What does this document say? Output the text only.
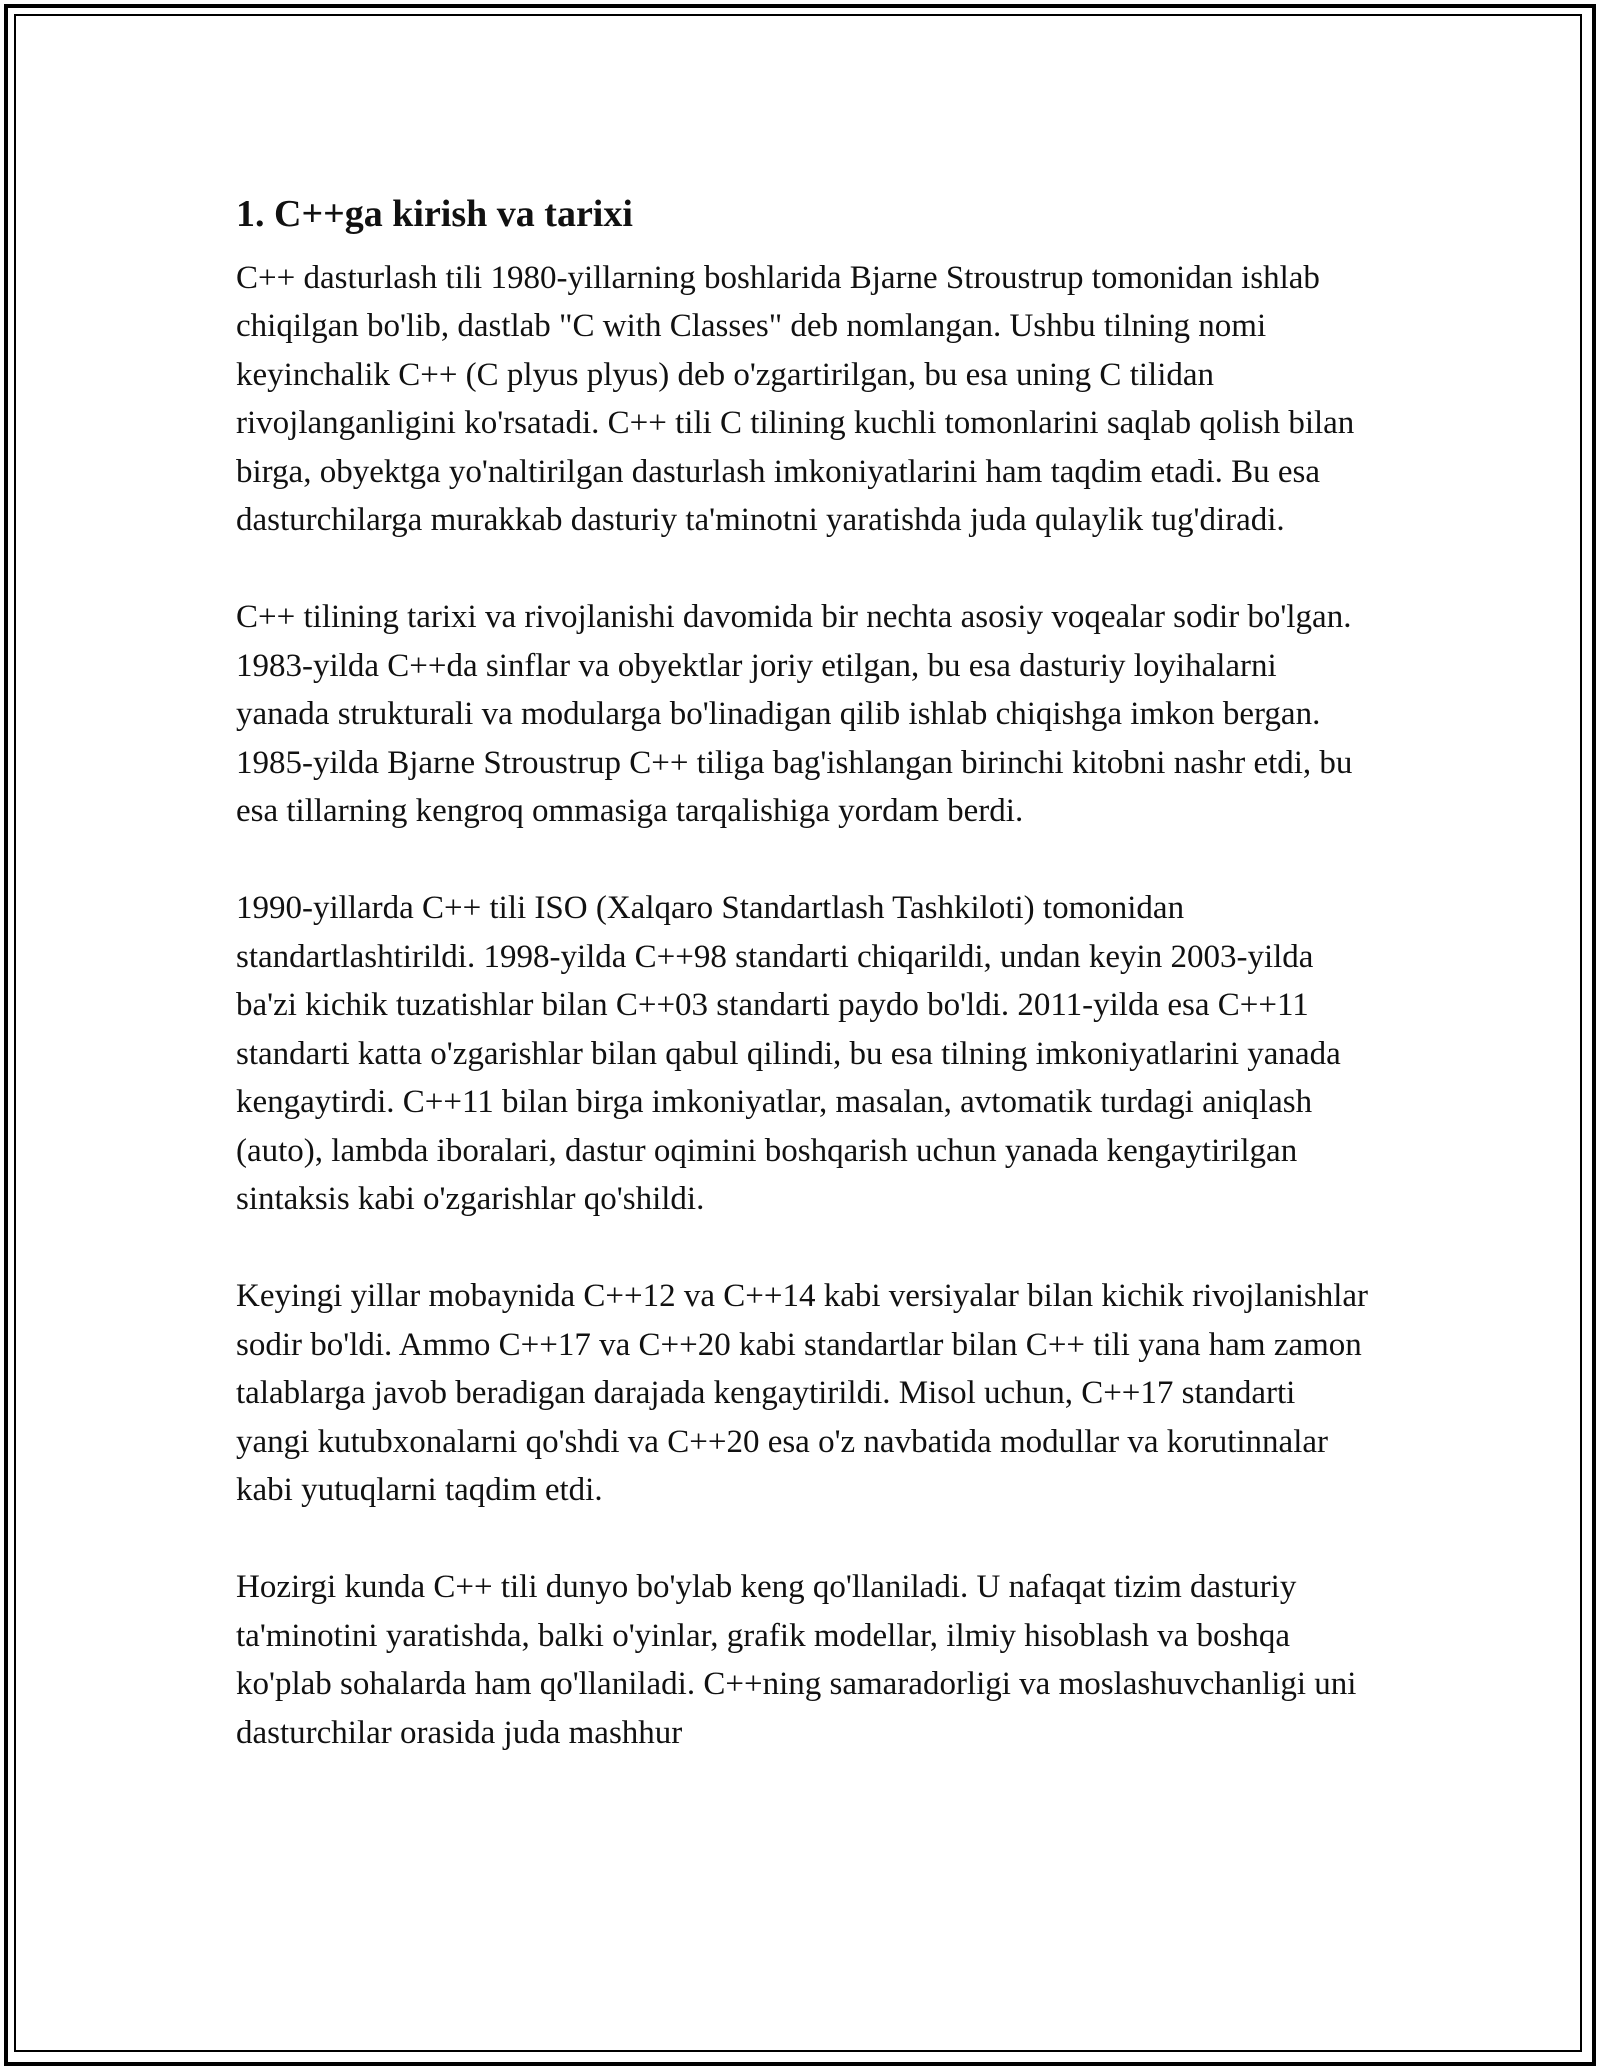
1. C++ga kirish va tarixi

C++ dasturlash tili 1980-yillarning boshlarida Bjarne Stroustrup tomonidan ishlab chiqilgan bo'lib, dastlab "C with Classes" deb nomlangan. Ushbu tilning nomi keyinchalik C++ (C plyus plyus) deb o'zgartirilgan, bu esa uning C tilidan rivojlanganligini ko'rsatadi. C++ tili C tilining kuchli tomonlarini saqlab qolish bilan birga, obyektga yo'naltirilgan dasturlash imkoniyatlarini ham taqdim etadi. Bu esa dasturchilarga murakkab dasturiy ta'minotni yaratishda juda qulaylik tug'diradi.

C++ tilining tarixi va rivojlanishi davomida bir nechta asosiy voqealar sodir bo'lgan. 1983-yilda C++da sinflar va obyektlar joriy etilgan, bu esa dasturiy loyihalarni yanada strukturali va modularga bo'linadigan qilib ishlab chiqishga imkon bergan. 1985-yilda Bjarne Stroustrup C++ tiliga bag'ishlangan birinchi kitobni nashr etdi, bu esa tillarning kengroq ommasiga tarqalishiga yordam berdi.

1990-yillarda C++ tili ISO (Xalqaro Standartlash Tashkiloti) tomonidan standartlashtirildi. 1998-yilda C++98 standarti chiqarildi, undan keyin 2003-yilda ba'zi kichik tuzatishlar bilan C++03 standarti paydo bo'ldi. 2011-yilda esa C++11 standarti katta o'zgarishlar bilan qabul qilindi, bu esa tilning imkoniyatlarini yanada kengaytirdi. C++11 bilan birga imkoniyatlar, masalan, avtomatik turdagi aniqlash (auto), lambda iboralari, dastur oqimini boshqarish uchun yanada kengaytirilgan sintaksis kabi o'zgarishlar qo'shildi.

Keyingi yillar mobaynida C++12 va C++14 kabi versiyalar bilan kichik rivojlanishlar sodir bo'ldi. Ammo C++17 va C++20 kabi standartlar bilan C++ tili yana ham zamon talablarga javob beradigan darajada kengaytirildi. Misol uchun, C++17 standarti yangi kutubxonalarni qo'shdi va C++20 esa o'z navbatida modullar va korutinnalar kabi yutuqlarni taqdim etdi.

Hozirgi kunda C++ tili dunyo bo'ylab keng qo'llaniladi. U nafaqat tizim dasturiy ta'minotini yaratishda, balki o'yinlar, grafik modellar, ilmiy hisoblash va boshqa ko'plab sohalarda ham qo'llaniladi. C++ning samaradorligi va moslashuvchanligi uni dasturchilar orasida juda mashhur
